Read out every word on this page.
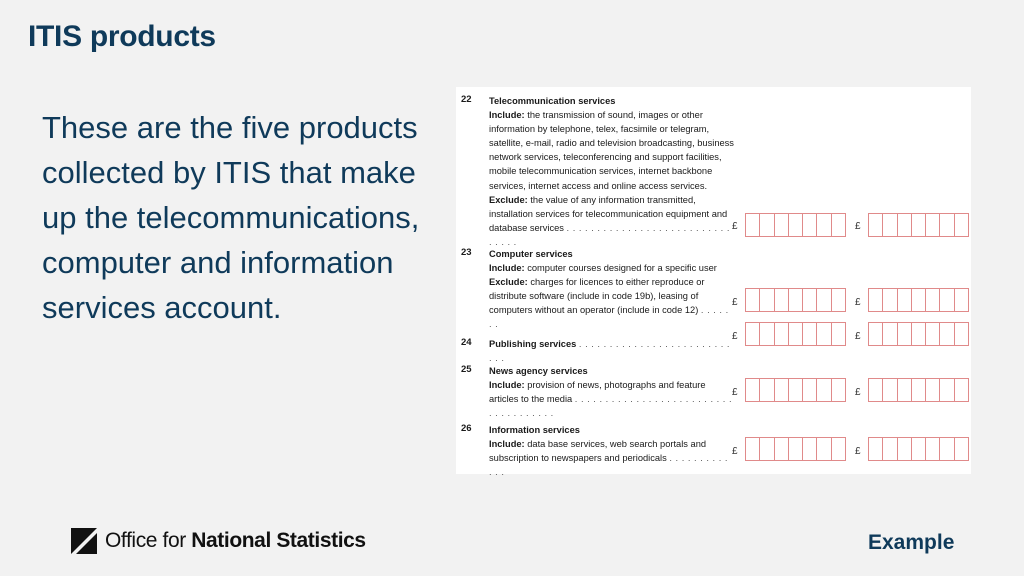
ITIS products
These are the five products collected by ITIS that make up the telecommunications, computer and information services account.
22 Telecommunication services
Include: the transmission of sound, images or other information by telephone, telex, facsimile or telegram, satellite, e-mail, radio and television broadcasting, business network services, teleconferencing and support facilities, mobile telecommunication services, internet backbone services, internet access and online access services.
Exclude: the value of any information transmitted, installation services for telecommunication equipment and database services . . . . . . . . . . . . . . . . . . . . . . . . . . . . . . . .
£	£
23 Computer services
Include: computer courses designed for a specific user
Exclude: charges for licences to either reproduce or distribute software (include in code 19b), leasing of computers without an operator (include in code 12) . . . . . . .
£	£
24 Publishing services . . . . . . . . . . . . . . . . . . . . . . . . . . . .
£	£
25 News agency services
Include: provision of news, photographs and feature articles to the media . . . . . . . . . . . . . . . . . . . . . . . . . . . . . . . . . . . . .
£	£
26 Information services
Include: data base services, web search portals and subscription to newspapers and periodicals . . . . . . . . . . . . .
£	£
Office for National Statistics	Example
